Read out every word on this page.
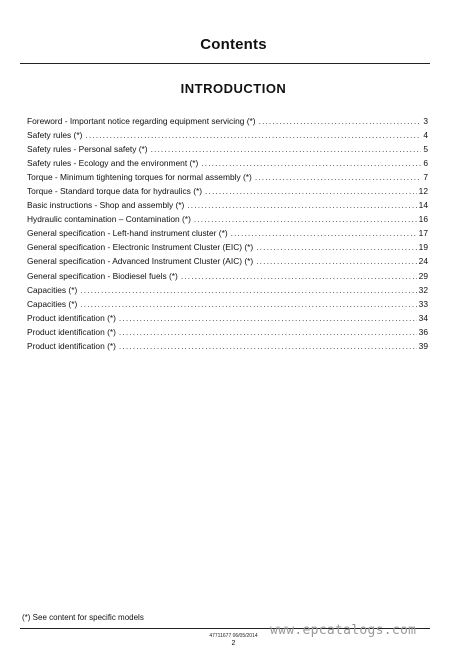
Contents
INTRODUCTION
Foreword - Important notice regarding equipment servicing (*) . . .	3
Safety rules (*) . . .	4
Safety rules - Personal safety (*) . . .	5
Safety rules - Ecology and the environment (*) . . .	6
Torque - Minimum tightening torques for normal assembly (*) . . .	7
Torque - Standard torque data for hydraulics (*) . . .	12
Basic instructions - Shop and assembly (*) . . .	14
Hydraulic contamination – Contamination (*) . . .	16
General specification - Left-hand instrument cluster (*) . . .	17
General specification - Electronic Instrument Cluster (EIC) (*) . . .	19
General specification - Advanced Instrument Cluster (AIC) (*) . . .	24
General specification - Biodiesel fuels (*) . . .	29
Capacities (*) . . .	32
Capacities (*) . . .	33
Product identification (*) . . .	34
Product identification (*) . . .	36
Product identification (*) . . .	39
(*) See content for specific models
47711677 06/05/2014
2
www.epcatalogs.com
